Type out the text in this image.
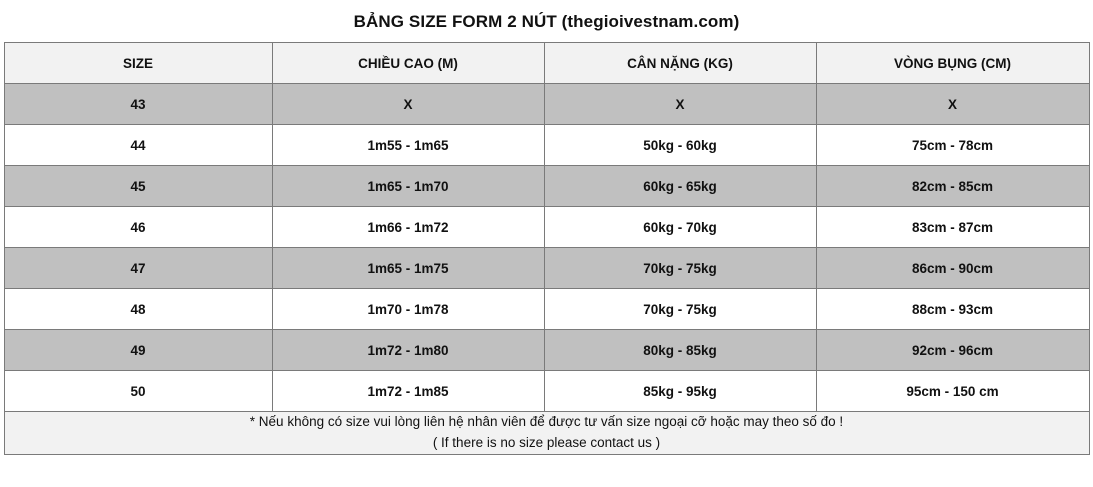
BẢNG SIZE FORM 2 NÚT (thegioivestnam.com)
SIZE	CHIỀU CAO (M)	CÂN NẶNG (KG)	VÒNG BỤNG (CM)
43	X	X	X
44	1m55 - 1m65	50kg - 60kg	75cm - 78cm
45	1m65 - 1m70	60kg - 65kg	82cm - 85cm
46	1m66 - 1m72	60kg - 70kg	83cm - 87cm
47	1m65 - 1m75	70kg - 75kg	86cm - 90cm
48	1m70 - 1m78	70kg - 75kg	88cm - 93cm
49	1m72 - 1m80	80kg - 85kg	92cm - 96cm
50	1m72 - 1m85	85kg - 95kg	95cm - 150 cm

* Nếu không có size vui lòng liên hệ nhân viên để được tư vấn size ngoại cỡ hoặc may theo số đo !
( If there is no size please contact us )			
